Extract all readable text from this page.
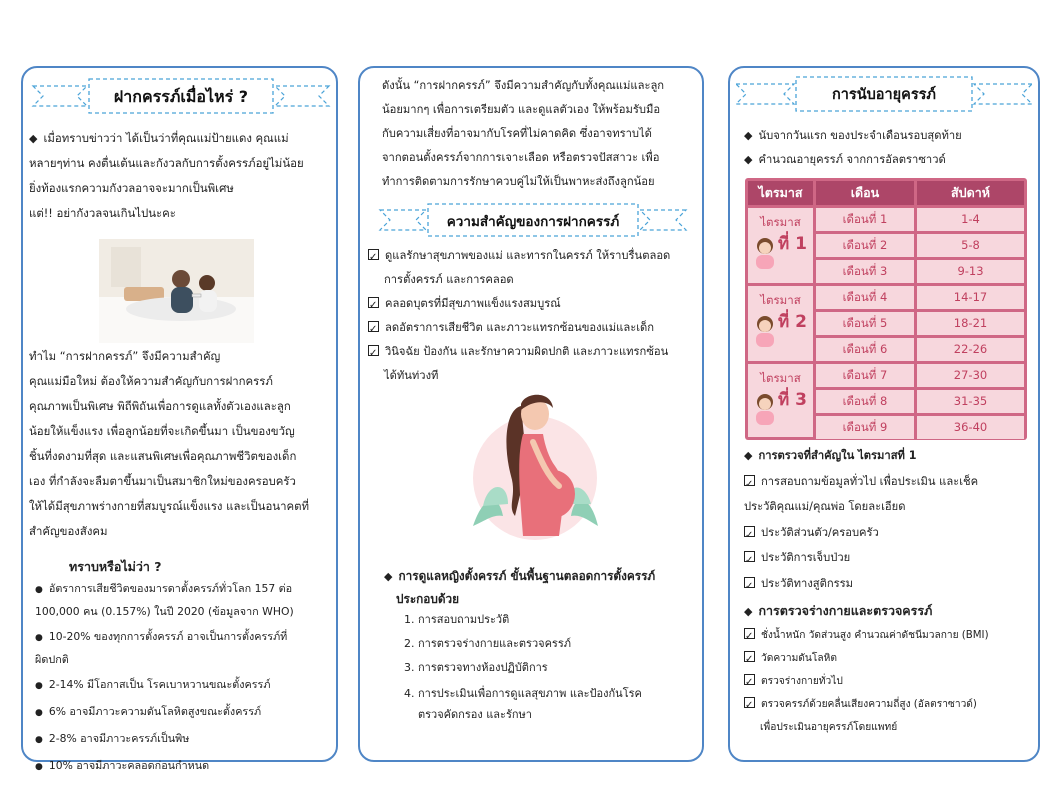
ฝากครรภ์เมื่อไหร่ ?
◆ เมื่อทราบข่าวว่า ได้เป็นว่าที่คุณแม่ป้ายแดง คุณแม่
หลายๆท่าน คงตื่นเต้นและกังวลกับการตั้งครรภ์อยู่ไม่น้อย
ยิ่งท้องแรกความกังวลอาจจะมากเป็นพิเศษ
แต่!! อย่ากังวลจนเกินไปนะคะ
ทำไม “การฝากครรภ์” จึงมีความสำคัญ
คุณแม่มือใหม่ ต้องให้ความสำคัญกับการฝากครรภ์
คุณภาพเป็นพิเศษ พิถีพิถันเพื่อการดูแลทั้งตัวเองและลูก
น้อยให้แข็งแรง เพื่อลูกน้อยที่จะเกิดขึ้นมา เป็นของขวัญ
ชิ้นที่งดงามที่สุด และแสนพิเศษเพื่อคุณภาพชีวิตของเด็ก
เอง ที่กำลังจะลืมตาขึ้นมาเป็นสมาชิกใหม่ของครอบครัว
ให้ได้มีสุขภาพร่างกายที่สมบูรณ์แข็งแรง และเป็นอนาคตที่
สำคัญของสังคม
ทราบหรือไม่ว่า ?
● อัตราการเสียชีวิตของมารดาตั้งครรภ์ทั่วโลก 157 ต่อ
100,000 คน (0.157%) ในปี 2020 (ข้อมูลจาก WHO)
● 10-20% ของทุกการตั้งครรภ์ อาจเป็นการตั้งครรภ์ที่
ผิดปกติ
● 2-14% มีโอกาสเป็น โรคเบาหวานขณะตั้งครรภ์
● 6% อาจมีภาวะความดันโลหิตสูงขณะตั้งครรภ์
● 2-8% อาจมีภาวะครรภ์เป็นพิษ
● 10% อาจมีภาวะคลอดก่อนกำหนด
ดังนั้น “การฝากครรภ์” จึงมีความสำคัญกับทั้งคุณแม่และลูก
น้อยมากๆ เพื่อการเตรียมตัว และดูแลตัวเอง ให้พร้อมรับมือ
กับความเสี่ยงที่อาจมากับโรคที่ไม่คาดคิด ซึ่งอาจทราบได้
จากตอนตั้งครรภ์จากการเจาะเลือด หรือตรวจปัสสาวะ เพื่อ
ทำการติดตามการรักษาควบคู่ไม่ให้เป็นพาหะส่งถึงลูกน้อย
ความสำคัญของการฝากครรภ์
✓ดูแลรักษาสุขภาพของแม่ และทารกในครรภ์ ให้ราบรื่นตลอด
การตั้งครรภ์ และการคลอด
✓คลอดบุตรที่มีสุขภาพแข็งแรงสมบูรณ์
✓ลดอัตราการเสียชีวิต และภาวะแทรกซ้อนของแม่และเด็ก
✓วินิจฉัย ป้องกัน และรักษาความผิดปกติ และภาวะแทรกซ้อน
ได้ทันท่วงที
◆ การดูแลหญิงตั้งครรภ์ ขั้นพื้นฐานตลอดการตั้งครรภ์
ประกอบด้วย
1. การสอบถามประวัติ
2. การตรวจร่างกายและตรวจครรภ์
3. การตรวจทางห้องปฏิบัติการ
4. การประเมินเพื่อการดูแลสุขภาพ และป้องกันโรค
ตรวจคัดกรอง และรักษา
การนับอายุครรภ์
◆ นับจากวันแรก ของประจำเดือนรอบสุดท้าย
◆ คำนวณอายุครรภ์ จากการอัลตราซาวด์
ไตรมาส	เดือน	สัปดาห์
ไตรมาส
ที่ 1
เดือนที่ 1	1-4
เดือนที่ 2	5-8
เดือนที่ 3	9-13
ไตรมาส
ที่ 2
เดือนที่ 4	14-17
เดือนที่ 5	18-21
เดือนที่ 6	22-26
ไตรมาส
ที่ 3
เดือนที่ 7	27-30
เดือนที่ 8	31-35
เดือนที่ 9	36-40
◆ การตรวจที่สำคัญใน ไตรมาสที่ 1
✓การสอบถามข้อมูลทั่วไป เพื่อประเมิน และเช็ค
ประวัติคุณแม่/คุณพ่อ โดยละเอียด
✓ประวัติส่วนตัว/ครอบครัว
✓ประวัติการเจ็บป่วย
✓ประวัติทางสูติกรรม
◆ การตรวจร่างกายและตรวจครรภ์
✓ชั่งน้ำหนัก วัดส่วนสูง คำนวณค่าดัชนีมวลกาย (BMI)
✓วัดความดันโลหิต
✓ตรวจร่างกายทั่วไป
✓ตรวจครรภ์ด้วยคลื่นเสียงความถี่สูง (อัลตราซาวด์)
เพื่อประเมินอายุครรภ์โดยแพทย์
